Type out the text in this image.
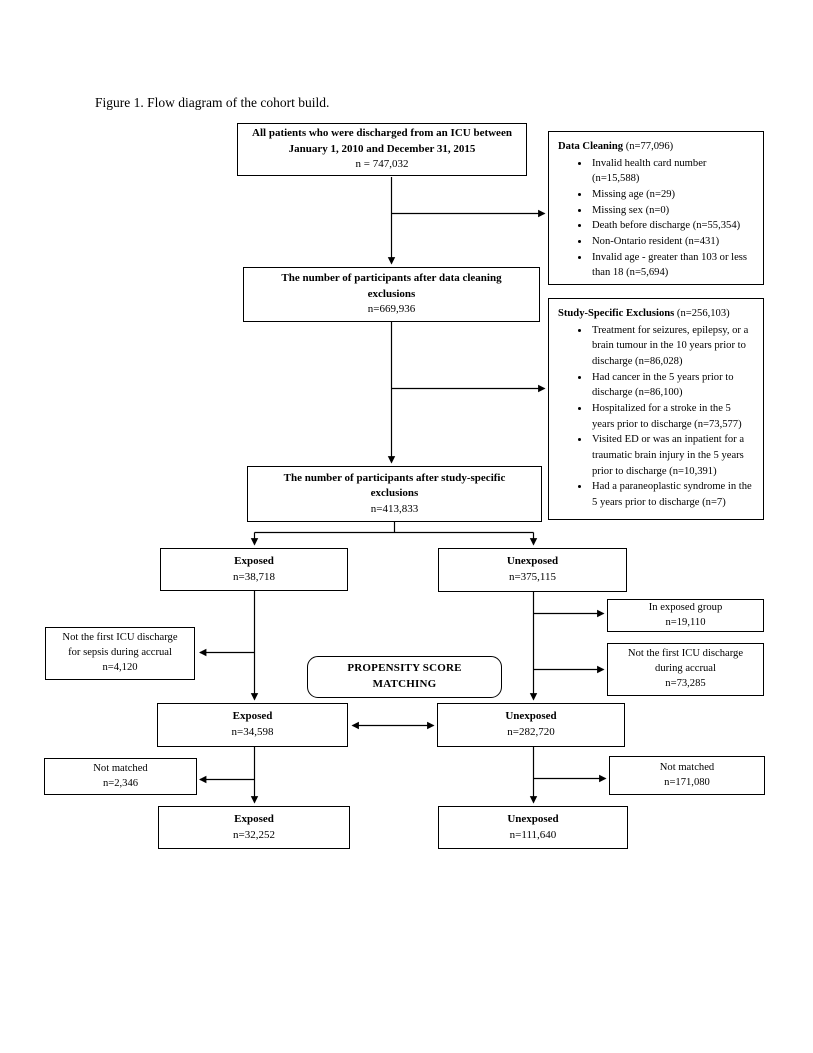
Figure 1. Flow diagram of the cohort build.
All patients who were discharged from an ICU between
January 1, 2010 and December 31, 2015
n = 747,032
The number of participants after data cleaning
exclusions
n=669,936
The number of participants after study-specific
exclusions
n=413,833
Exposed
n=38,718
Unexposed
n=375,115
PROPENSITY SCORE MATCHING
Exposed
n=34,598
Unexposed
n=282,720
Exposed
n=32,252
Unexposed
n=111,640
Data Cleaning (n=77,096)
• Invalid health card number (n=15,588)
• Missing age (n=29)
• Missing sex (n=0)
• Death before discharge (n=55,354)
• Non-Ontario resident (n=431)
• Invalid age - greater than 103 or less than 18 (n=5,694)
Study-Specific Exclusions (n=256,103)
• Treatment for seizures, epilepsy, or a brain tumour in the 10 years prior to discharge (n=86,028)
• Had cancer in the 5 years prior to discharge (n=86,100)
• Hospitalized for a stroke in the 5 years prior to discharge (n=73,577)
• Visited ED or was an inpatient for a traumatic brain injury in the 5 years prior to discharge (n=10,391)
• Had a paraneoplastic syndrome in the 5 years prior to discharge (n=7)
Not the first ICU discharge
for sepsis during accrual
n=4,120
In exposed group
n=19,110
Not the first ICU discharge
during accrual
n=73,285
Not matched
n=2,346
Not matched
n=171,080
